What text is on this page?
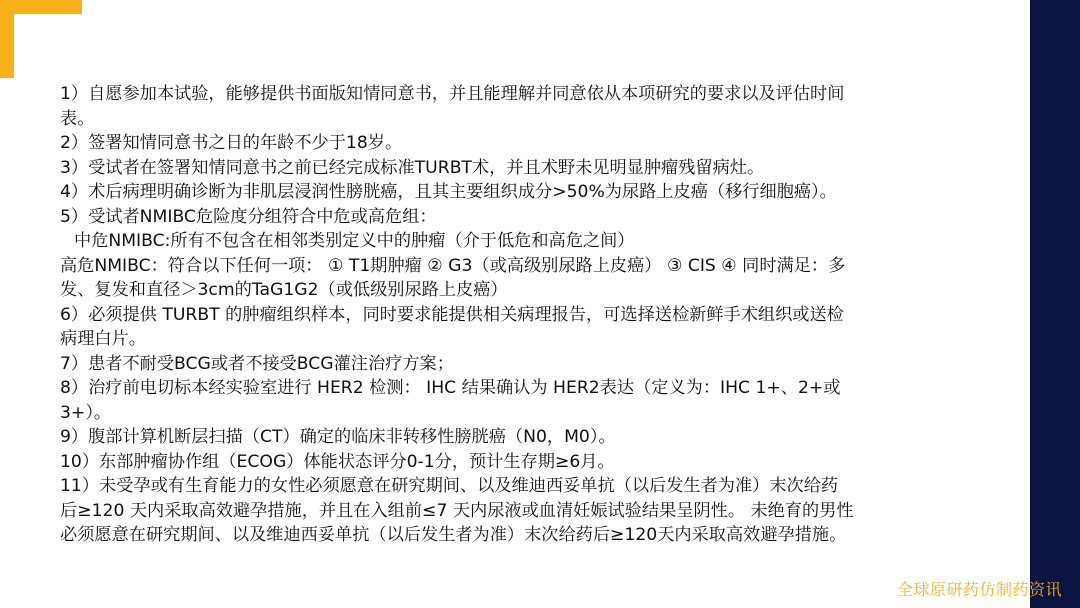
1）自愿参加本试验，能够提供书面版知情同意书，并且能理解并同意依从本项研究的要求以及评估时间

表。

2）签署知情同意书之日的年龄不少于18岁。

3）受试者在签署知情同意书之前已经完成标准TURBT术，并且术野未见明显肿瘤残留病灶。

4）术后病理明确诊断为非肌层浸润性膀胱癌，且其主要组织成分>50%为尿路上皮癌（移行细胞癌）。

5）受试者NMIBC危险度分组符合中危或高危组：

中危NMIBC:所有不包含在相邻类别定义中的肿瘤（介于低危和高危之间）

高危NMIBC：符合以下任何一项： ① T1期肿瘤 ② G3（或高级别尿路上皮癌） ③ CIS ④ 同时满足：多

发、复发和直径＞3cm的TaG1G2（或低级别尿路上皮癌）

6）必须提供 TURBT 的肿瘤组织样本，同时要求能提供相关病理报告，可选择送检新鲜手术组织或送检

病理白片。

7）患者不耐受BCG或者不接受BCG灌注治疗方案；

8）治疗前电切标本经实验室进行 HER2 检测： IHC 结果确认为 HER2表达（定义为：IHC 1+、2+或

3+）。

9）腹部计算机断层扫描（CT）确定的临床非转移性膀胱癌（N0，M0）。

10）东部肿瘤协作组（ECOG）体能状态评分0-1分，预计生存期≥6月。

11）未受孕或有生育能力的女性必须愿意在研究期间、以及维迪西妥单抗（以后发生者为准）末次给药

后≥120 天内采取高效避孕措施，并且在入组前≤7 天内尿液或血清妊娠试验结果呈阴性。 未绝育的男性

必须愿意在研究期间、以及维迪西妥单抗（以后发生者为准）末次给药后≥120天内采取高效避孕措施。

全球原研药仿制药资讯
